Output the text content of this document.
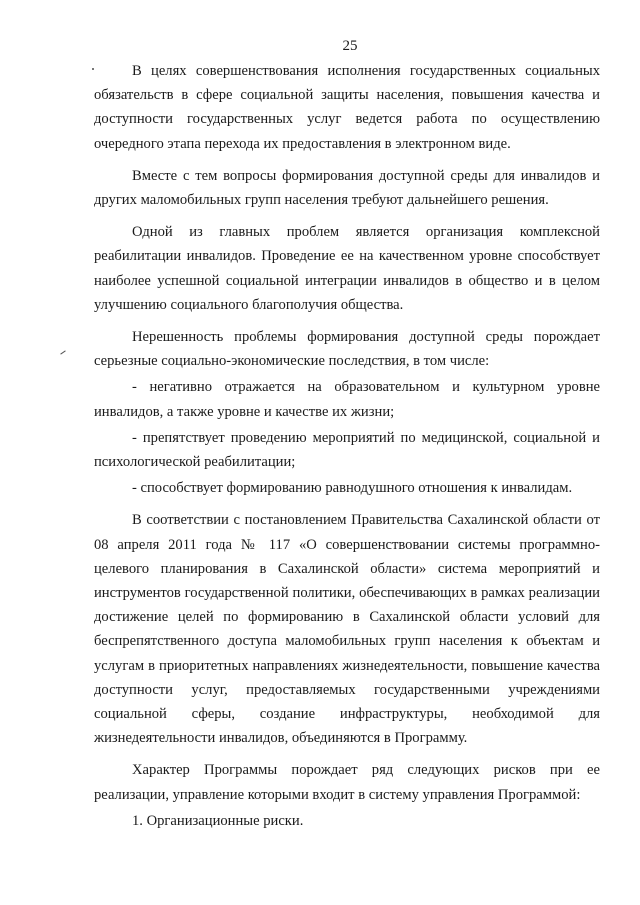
25

В целях совершенствования исполнения государственных социальных обязательств в сфере социальной защиты населения, повышения качества и доступности государственных услуг ведется работа по осуществлению очередного этапа перехода их предоставления в электронном виде.

Вместе с тем вопросы формирования доступной среды для инвалидов и других маломобильных групп населения требуют дальнейшего решения.

Одной из главных проблем является организация комплексной реабилитации инвалидов. Проведение ее на качественном уровне способствует наиболее успешной социальной интеграции инвалидов в общество и в целом улучшению социального благополучия общества.

Нерешенность проблемы формирования доступной среды порождает серьезные социально-экономические последствия, в том числе:

- негативно отражается на образовательном и культурном уровне инвалидов, а также уровне и качестве их жизни;

- препятствует проведению мероприятий по медицинской, социальной и психологической реабилитации;

- способствует формированию равнодушного отношения к инвалидам.

В соответствии с постановлением Правительства Сахалинской области от 08 апреля 2011 года № 117 «О совершенствовании системы программно-целевого планирования в Сахалинской области» система мероприятий и инструментов государственной политики, обеспечивающих в рамках реализации достижение целей по формированию в Сахалинской области условий для беспрепятственного доступа маломобильных групп населения к объектам и услугам в приоритетных направлениях жизнедеятельности, повышение качества доступности услуг, предоставляемых государственными учреждениями социальной сферы, создание инфраструктуры, необходимой для жизнедеятельности инвалидов, объединяются в Программу.

Характер Программы порождает ряд следующих рисков при ее реализации, управление которыми входит в систему управления Программой:

1. Организационные риски.
